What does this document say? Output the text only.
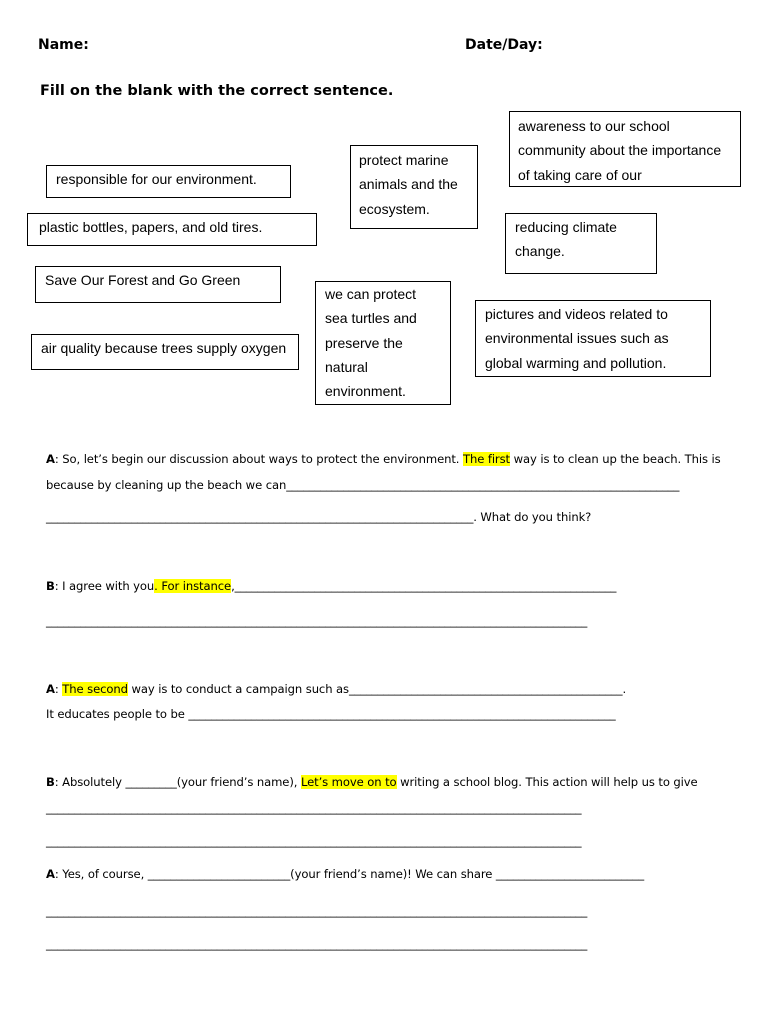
Name:	Date/Day:
Fill on the blank with the correct sentence.
awareness to our school
community about the importance
of taking care of our
protect marine
animals and the
ecosystem.
responsible for our environment.
plastic bottles, papers, and old tires.	reducing climate
change.
Save Our Forest and Go Green
we can protect
sea turtles and
preserve the
natural
environment.
pictures and videos related to
environmental issues such as
global warming and pollution.
air quality because trees supply oxygen
A: So, let’s begin our discussion about ways to protect the environment. The first way is to clean up the beach. This is
because by cleaning up the beach we can_____________________________________________________________________
___________________________________________________________________________. What do you think?
B: I agree with you. For instance,___________________________________________________________________
_______________________________________________________________________________________________
A: The second way is to conduct a campaign such as________________________________________________.
It educates people to be ___________________________________________________________________________
B: Absolutely _________(your friend’s name), Let’s move on to writing a school blog. This action will help us to give
______________________________________________________________________________________________
______________________________________________________________________________________________
A: Yes, of course, _________________________(your friend’s name)! We can share __________________________
_______________________________________________________________________________________________
_______________________________________________________________________________________________
